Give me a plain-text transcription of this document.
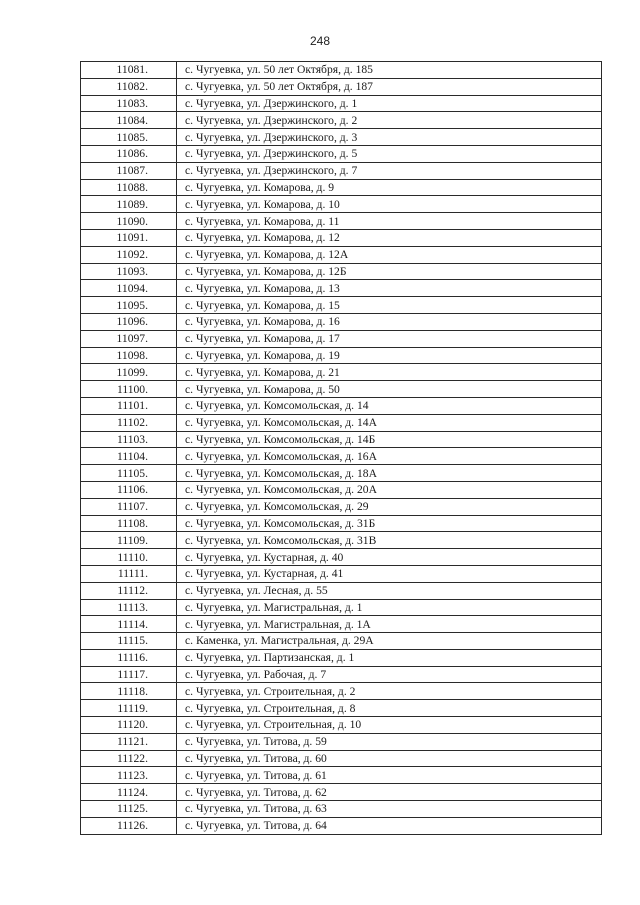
248
11081.	с. Чугуевка, ул. 50 лет Октября, д. 185
11082.	с. Чугуевка, ул. 50 лет Октября, д. 187
11083.	с. Чугуевка, ул. Дзержинского, д. 1
11084.	с. Чугуевка, ул. Дзержинского, д. 2
11085.	с. Чугуевка, ул. Дзержинского, д. 3
11086.	с. Чугуевка, ул. Дзержинского, д. 5
11087.	с. Чугуевка, ул. Дзержинского, д. 7
11088.	с. Чугуевка, ул. Комарова, д. 9
11089.	с. Чугуевка, ул. Комарова, д. 10
11090.	с. Чугуевка, ул. Комарова, д. 11
11091.	с. Чугуевка, ул. Комарова, д. 12
11092.	с. Чугуевка, ул. Комарова, д. 12А
11093.	с. Чугуевка, ул. Комарова, д. 12Б
11094.	с. Чугуевка, ул. Комарова, д. 13
11095.	с. Чугуевка, ул. Комарова, д. 15
11096.	с. Чугуевка, ул. Комарова, д. 16
11097.	с. Чугуевка, ул. Комарова, д. 17
11098.	с. Чугуевка, ул. Комарова, д. 19
11099.	с. Чугуевка, ул. Комарова, д. 21
11100.	с. Чугуевка, ул. Комарова, д. 50
11101.	с. Чугуевка, ул. Комсомольская, д. 14
11102.	с. Чугуевка, ул. Комсомольская, д. 14А
11103.	с. Чугуевка, ул. Комсомольская, д. 14Б
11104.	с. Чугуевка, ул. Комсомольская, д. 16А
11105.	с. Чугуевка, ул. Комсомольская, д. 18А
11106.	с. Чугуевка, ул. Комсомольская, д. 20А
11107.	с. Чугуевка, ул. Комсомольская, д. 29
11108.	с. Чугуевка, ул. Комсомольская, д. 31Б
11109.	с. Чугуевка, ул. Комсомольская, д. 31В
11110.	с. Чугуевка, ул. Кустарная, д. 40
11111.	с. Чугуевка, ул. Кустарная, д. 41
11112.	с. Чугуевка, ул. Лесная, д. 55
11113.	с. Чугуевка, ул. Магистральная, д. 1
11114.	с. Чугуевка, ул. Магистральная, д. 1А
11115.	с. Каменка, ул. Магистральная, д. 29А
11116.	с. Чугуевка, ул. Партизанская, д. 1
11117.	с. Чугуевка, ул. Рабочая, д. 7
11118.	с. Чугуевка, ул. Строительная, д. 2
11119.	с. Чугуевка, ул. Строительная, д. 8
11120.	с. Чугуевка, ул. Строительная, д. 10
11121.	с. Чугуевка, ул. Титова, д. 59
11122.	с. Чугуевка, ул. Титова, д. 60
11123.	с. Чугуевка, ул. Титова, д. 61
11124.	с. Чугуевка, ул. Титова, д. 62
11125.	с. Чугуевка, ул. Титова, д. 63
11126.	с. Чугуевка, ул. Титова, д. 64
